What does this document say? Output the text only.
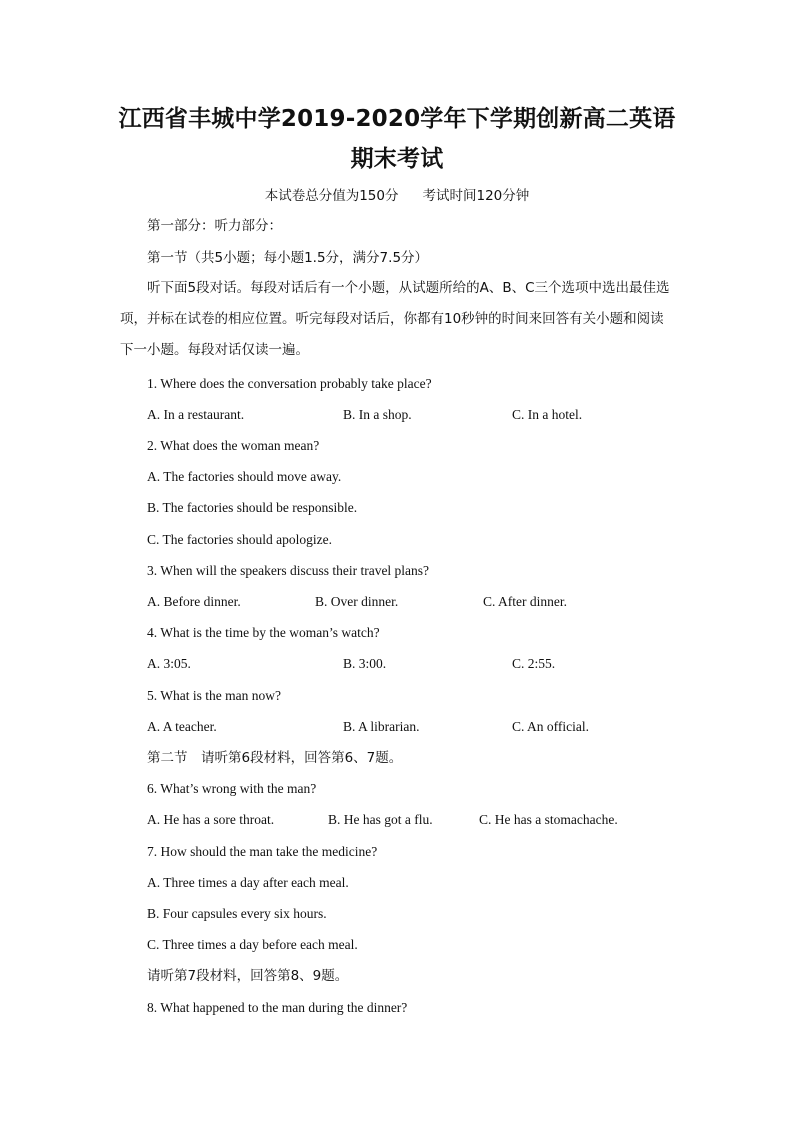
江西省丰城中学2019-2020学年下学期创新高二英语
期末考试
本试卷总分值为150分 考试时间120分钟
第一部分：听力部分：
第一节（共5小题；每小题1.5分，满分7.5分）
听下面5段对话。每段对话后有一个小题，从试题所给的A、B、C三个选项中选出最佳选项，并标在试卷的相应位置。听完每段对话后，你都有10秒钟的时间来回答有关小题和阅读下一小题。每段对话仅读一遍。
1. Where does the conversation probably take place?
A. In a restaurant.	B. In a shop.	C. In a hotel.
2. What does the woman mean?
A. The factories should move away.
B. The factories should be responsible.
C. The factories should apologize.
3. When will the speakers discuss their travel plans?
A. Before dinner.	B. Over dinner.	C. After dinner.
4. What is the time by the woman’s watch?
A. 3:05.	B. 3:00.	C. 2:55.
5. What is the man now?
A. A teacher.	B. A librarian.	C. An official.
第二节　请听第6段材料，回答第6、7题。
6. What’s wrong with the man?
A. He has a sore throat.	B. He has got a flu.	C. He has a stomachache.
7. How should the man take the medicine?
A. Three times a day after each meal.
B. Four capsules every six hours.
C. Three times a day before each meal.
请听第7段材料，回答第8、9题。
8. What happened to the man during the dinner?
